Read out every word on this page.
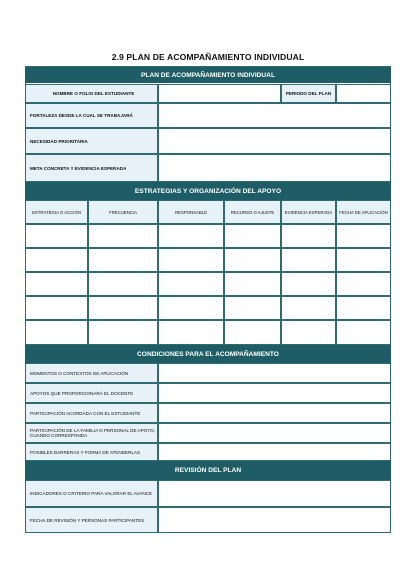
2.9 PLAN DE ACOMPAÑAMIENTO INDIVIDUAL
PLAN DE ACOMPAÑAMIENTO INDIVIDUAL
NOMBRE O FOLIO DEL ESTUDIANTE	PERIODO DEL PLAN
FORTALEZA DESDE LA CUAL SE TRABAJARÁ
NECESIDAD PRIORITARIA
META CONCRETA Y EVIDENCIA ESPERADA
ESTRATEGIAS Y ORGANIZACIÓN DEL APOYO
ESTRATEGIA O ACCIÓN	FRECUENCIA	RESPONSABLE	RECURSO O AJUSTE	EVIDENCIA ESPERADA	FECHA DE APLICACIÓN
CONDICIONES PARA EL ACOMPAÑAMIENTO
MOMENTOS O CONTEXTOS DE APLICACIÓN
APOYOS QUE PROPORCIONARÁ EL DOCENTE
PARTICIPACIÓN ACORDADA CON EL ESTUDIANTE
PARTICIPACIÓN DE LA FAMILIA O PERSONAL DE APOYO, CUANDO CORRESPONDA
POSIBLES BARRERAS Y FORMA DE ATENDERLAS
REVISIÓN DEL PLAN
INDICADORES O CRITERIO PARA VALORAR EL AVANCE
FECHA DE REVISIÓN Y PERSONAS PARTICIPANTES
